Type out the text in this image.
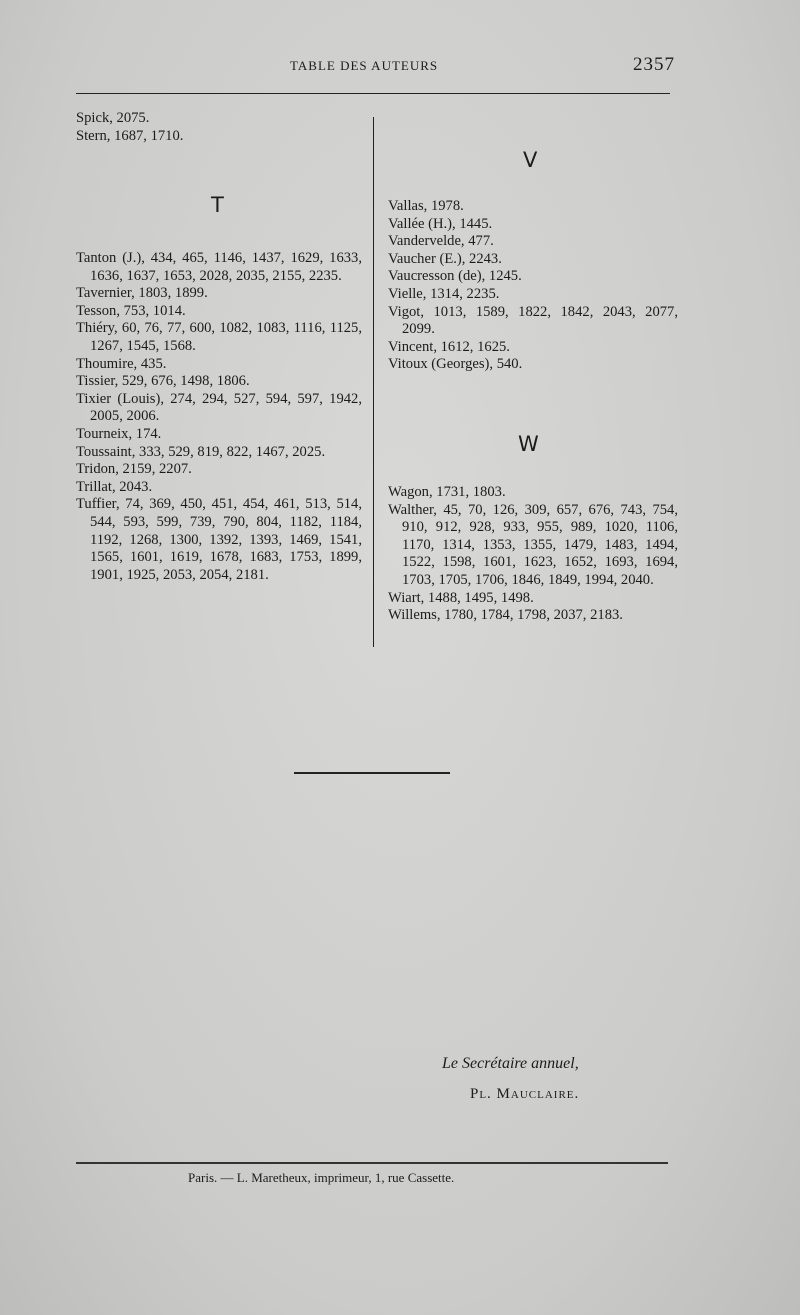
TABLE DES AUTEURS	2357

Spick, 2075.

Stern, 1687, 1710.

T

Tanton (J.), 434, 465, 1146, 1437, 1629, 1633, 1636, 1637, 1653, 2028, 2035, 2155, 2235.

Tavernier, 1803, 1899.

Tesson, 753, 1014.

Thiéry, 60, 76, 77, 600, 1082, 1083, 1116, 1125, 1267, 1545, 1568.

Thoumire, 435.

Tissier, 529, 676, 1498, 1806.

Tixier (Louis), 274, 294, 527, 594, 597, 1942, 2005, 2006.

Tourneix, 174.

Toussaint, 333, 529, 819, 822, 1467, 2025.

Tridon, 2159, 2207.

Trillat, 2043.

Tuffier, 74, 369, 450, 451, 454, 461, 513, 514, 544, 593, 599, 739, 790, 804, 1182, 1184, 1192, 1268, 1300, 1392, 1393, 1469, 1541, 1565, 1601, 1619, 1678, 1683, 1753, 1899, 1901, 1925, 2053, 2054, 2181.

V

Vallas, 1978.

Vallée (H.), 1445.

Vandervelde, 477.

Vaucher (E.), 2243.

Vaucresson (de), 1245.

Vielle, 1314, 2235.

Vigot, 1013, 1589, 1822, 1842, 2043, 2077, 2099.

Vincent, 1612, 1625.

Vitoux (Georges), 540.

W

Wagon, 1731, 1803.

Walther, 45, 70, 126, 309, 657, 676, 743, 754, 910, 912, 928, 933, 955, 989, 1020, 1106, 1170, 1314, 1353, 1355, 1479, 1483, 1494, 1522, 1598, 1601, 1623, 1652, 1693, 1694, 1703, 1705, 1706, 1846, 1849, 1994, 2040.

Wiart, 1488, 1495, 1498.

Willems, 1780, 1784, 1798, 2037, 2183.

Le Secrétaire annuel,
Pl. Mauclaire.
Paris. — L. Maretheux, imprimeur, 1, rue Cassette.
